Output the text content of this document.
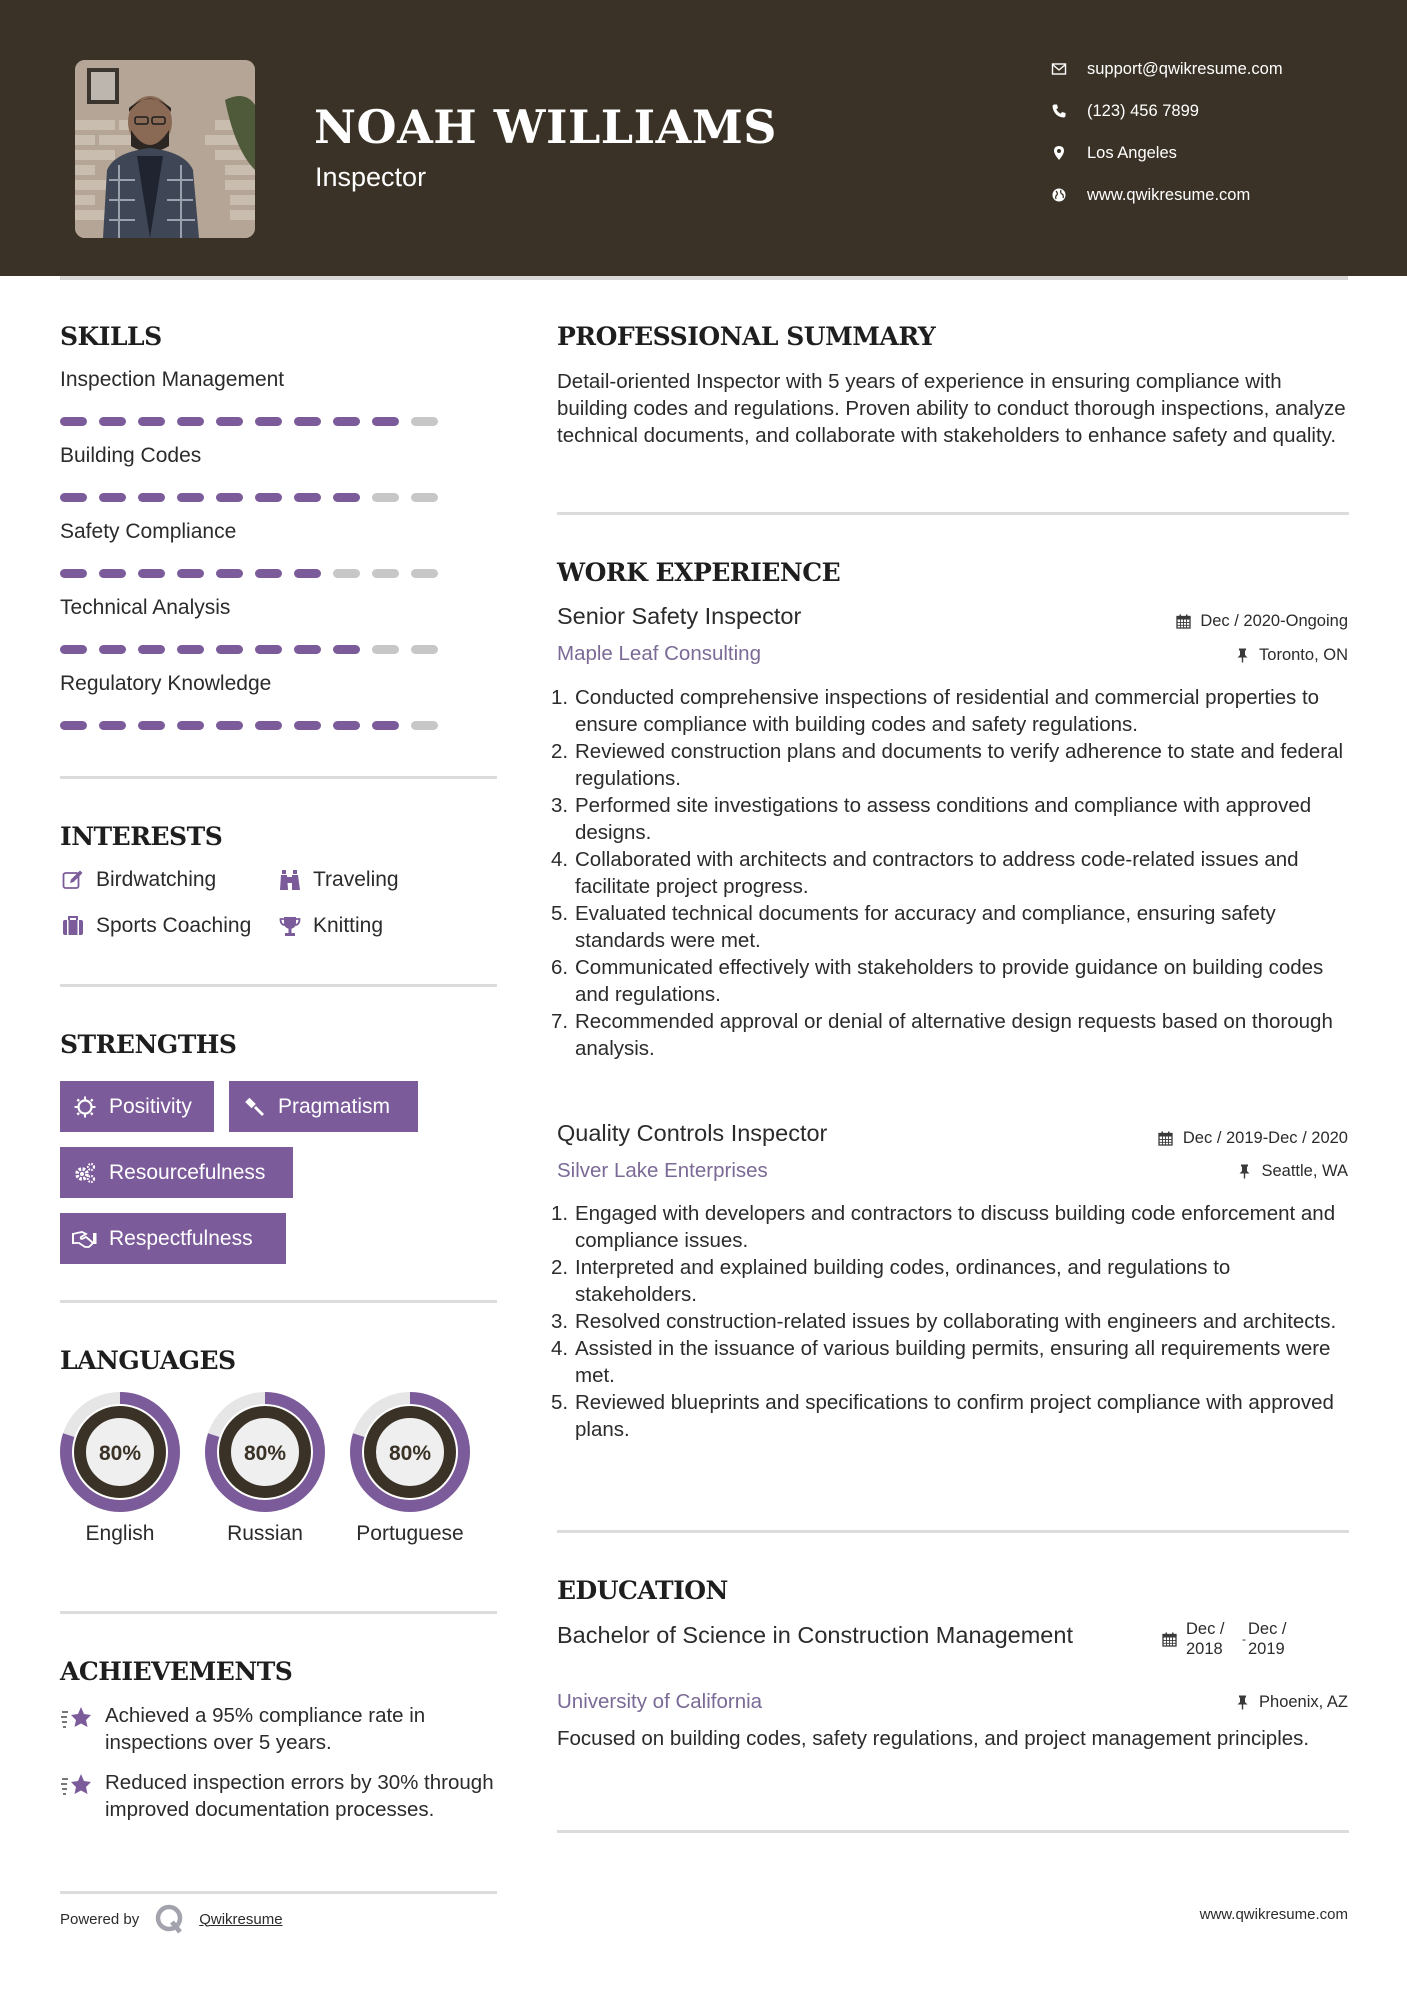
NOAH WILLIAMS
Inspector
support@qwikresume.com
(123) 456 7899
Los Angeles
www.qwikresume.com
SKILLS
Inspection Management
Building Codes
Safety Compliance
Technical Analysis
Regulatory Knowledge
INTERESTS
Birdwatching	Traveling
Sports Coaching	Knitting
STRENGTHS
Positivity	Pragmatism
Resourcefulness
Respectfulness
LANGUAGES
80%
English
80%
Russian
80%
Portuguese
ACHIEVEMENTS
Achieved a 95% compliance rate in inspections over 5 years.
Reduced inspection errors by 30% through improved documentation processes.
Powered by	Qwikresume	www.qwikresume.com
PROFESSIONAL SUMMARY
Detail-oriented Inspector with 5 years of experience in ensuring compliance with building codes and regulations. Proven ability to conduct thorough inspections, analyze technical documents, and collaborate with stakeholders to enhance safety and quality.
WORK EXPERIENCE
Senior Safety Inspector	Dec / 2020-Ongoing
Maple Leaf Consulting	Toronto, ON
1. Conducted comprehensive inspections of residential and commercial properties to ensure compliance with building codes and safety regulations.
2. Reviewed construction plans and documents to verify adherence to state and federal regulations.
3. Performed site investigations to assess conditions and compliance with approved designs.
4. Collaborated with architects and contractors to address code-related issues and facilitate project progress.
5. Evaluated technical documents for accuracy and compliance, ensuring safety standards were met.
6. Communicated effectively with stakeholders to provide guidance on building codes and regulations.
7. Recommended approval or denial of alternative design requests based on thorough analysis.
Quality Controls Inspector	Dec / 2019-Dec / 2020
Silver Lake Enterprises	Seattle, WA
1. Engaged with developers and contractors to discuss building code enforcement and compliance issues.
2. Interpreted and explained building codes, ordinances, and regulations to stakeholders.
3. Resolved construction-related issues by collaborating with engineers and architects.
4. Assisted in the issuance of various building permits, ensuring all requirements were met.
5. Reviewed blueprints and specifications to confirm project compliance with approved plans.
EDUCATION
Bachelor of Science in Construction Management	Dec / 2018
-
Dec / 2019
University of California	Phoenix, AZ
Focused on building codes, safety regulations, and project management principles.
